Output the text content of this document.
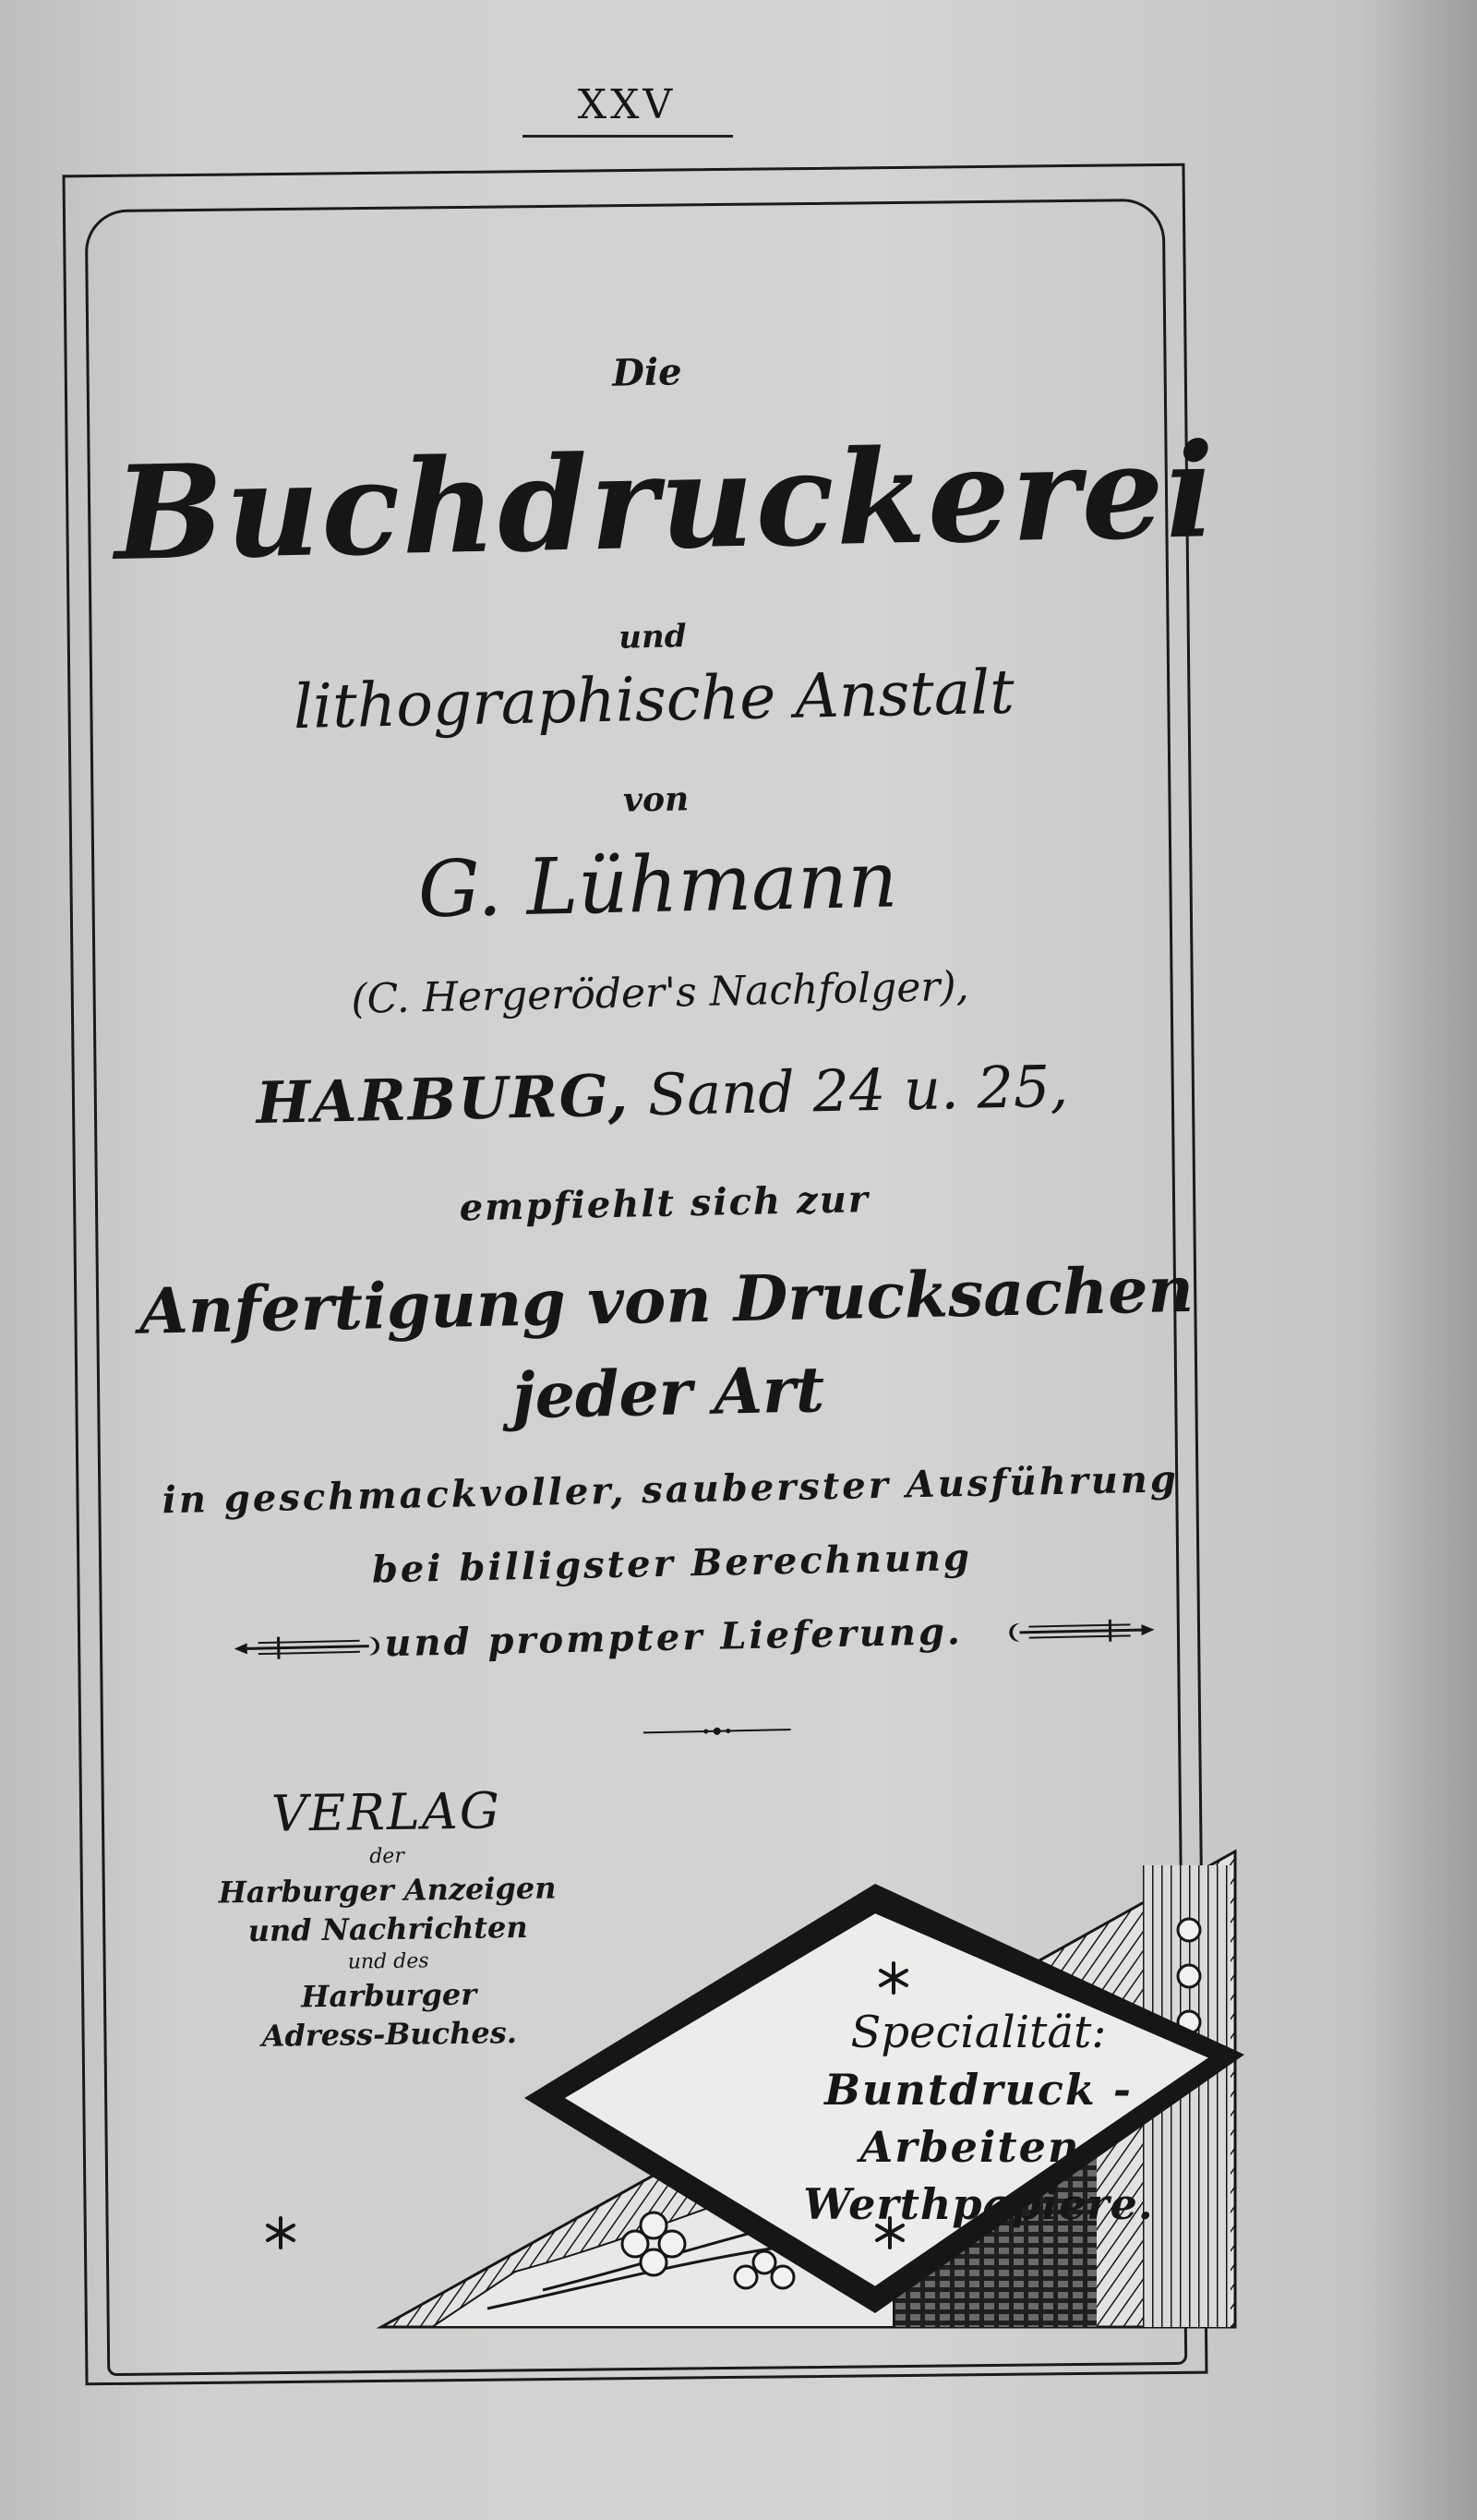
XXV
Die
Buchdruckerei
und
lithographische Anstalt
von
G. Lühmann
(C. Hergeröder's Nachfolger),
HARBURG, Sand 24 u. 25,
empfiehlt sich zur
Anfertigung von Drucksachen
jeder Art
in geschmackvoller, sauberster Ausführung
bei billigster Berechnung
und prompter Lieferung.
VERLAG
der
Harburger Anzeigen
und Nachrichten
und des
Harburger
Adress-Buches.	Specialität:
Buntdruck - Arbeiten.
Werthpapiere.
